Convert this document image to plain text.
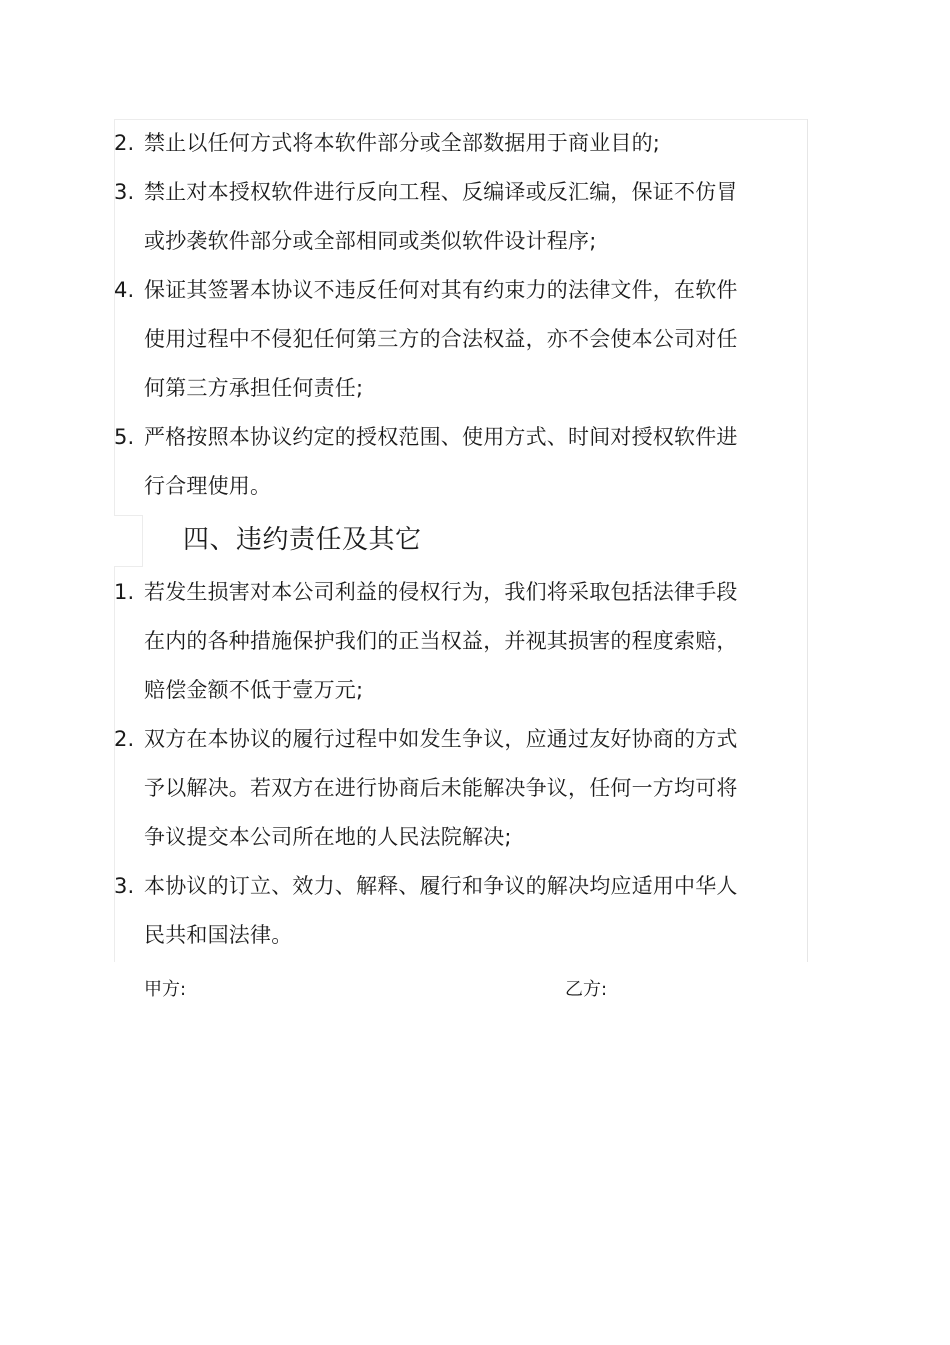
2. 禁止以任何方式将本软件部分或全部数据用于商业目的;
3. 禁止对本授权软件进行反向工程、反编译或反汇编，保证不仿冒或抄袭软件部分或全部相同或类似软件设计程序;
4. 保证其签署本协议不违反任何对其有约束力的法律文件，在软件使用过程中不侵犯任何第三方的合法权益，亦不会使本公司对任何第三方承担任何责任;
5. 严格按照本协议约定的授权范围、使用方式、时间对授权软件进行合理使用。
四、违约责任及其它
1. 若发生损害对本公司利益的侵权行为，我们将采取包括法律手段在内的各种措施保护我们的正当权益，并视其损害的程度索赔，赔偿金额不低于壹万元;
2. 双方在本协议的履行过程中如发生争议，应通过友好协商的方式予以解决。若双方在进行协商后未能解决争议，任何一方均可将争议提交本公司所在地的人民法院解决;
3. 本协议的订立、效力、解释、履行和争议的解决均应适用中华人民共和国法律。
甲方:	乙方:
